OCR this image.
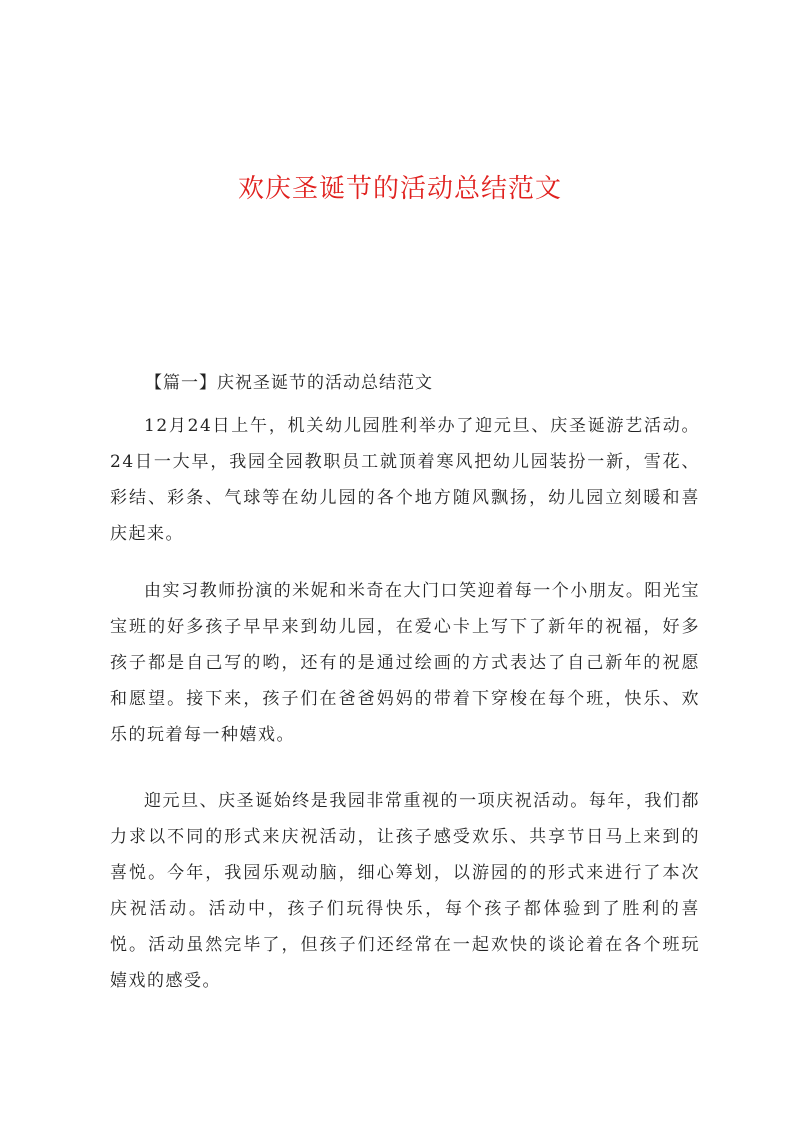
欢庆圣诞节的活动总结范文
【篇一】庆祝圣诞节的活动总结范文

12月24日上午，机关幼儿园胜利举办了迎元旦、庆圣诞游艺活动。24日一大早，我园全园教职员工就顶着寒风把幼儿园装扮一新，雪花、彩结、彩条、气球等在幼儿园的各个地方随风飘扬，幼儿园立刻暖和喜庆起来。

由实习教师扮演的米妮和米奇在大门口笑迎着每一个小朋友。阳光宝宝班的好多孩子早早来到幼儿园，在爱心卡上写下了新年的祝福，好多孩子都是自己写的哟，还有的是通过绘画的方式表达了自己新年的祝愿和愿望。接下来，孩子们在爸爸妈妈的带着下穿梭在每个班，快乐、欢乐的玩着每一种嬉戏。

迎元旦、庆圣诞始终是我园非常重视的一项庆祝活动。每年，我们都力求以不同的形式来庆祝活动，让孩子感受欢乐、共享节日马上来到的喜悦。今年，我园乐观动脑，细心筹划，以游园的的形式来进行了本次庆祝活动。活动中，孩子们玩得快乐，每个孩子都体验到了胜利的喜悦。活动虽然完毕了，但孩子们还经常在一起欢快的谈论着在各个班玩嬉戏的感受。
